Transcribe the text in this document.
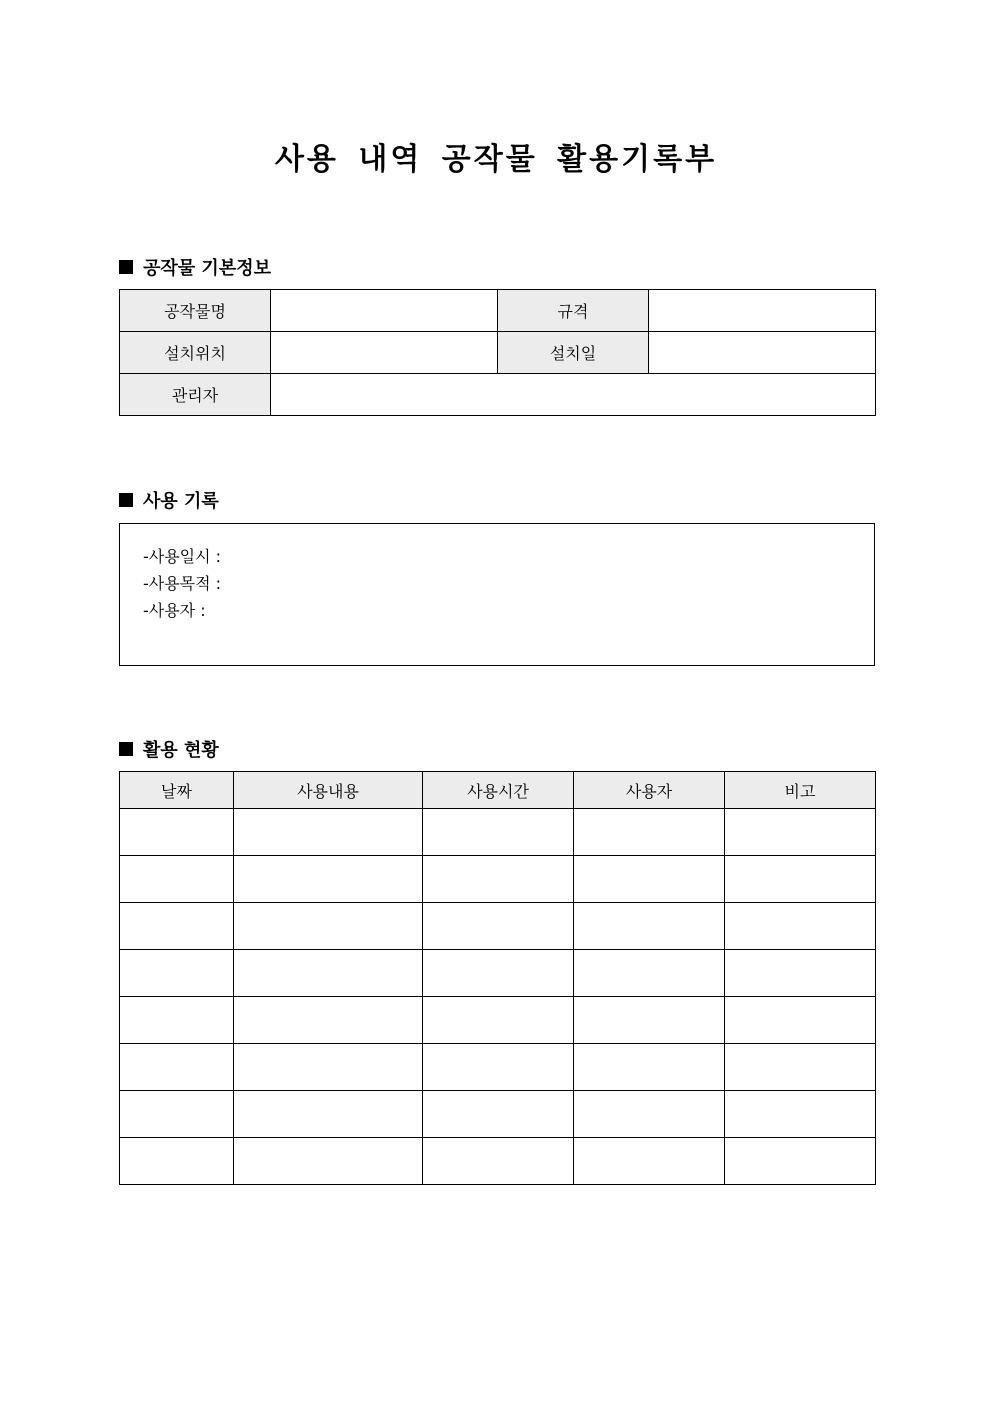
사용 내역 공작물 활용기록부
공작물 기본정보
공작물명		규격	
설치위치		설치일	
관리자			
사용 기록
-사용일시 :
-사용목적 :
-사용자 :
활용 현황
날짜	사용내용	사용시간	사용자	비고
